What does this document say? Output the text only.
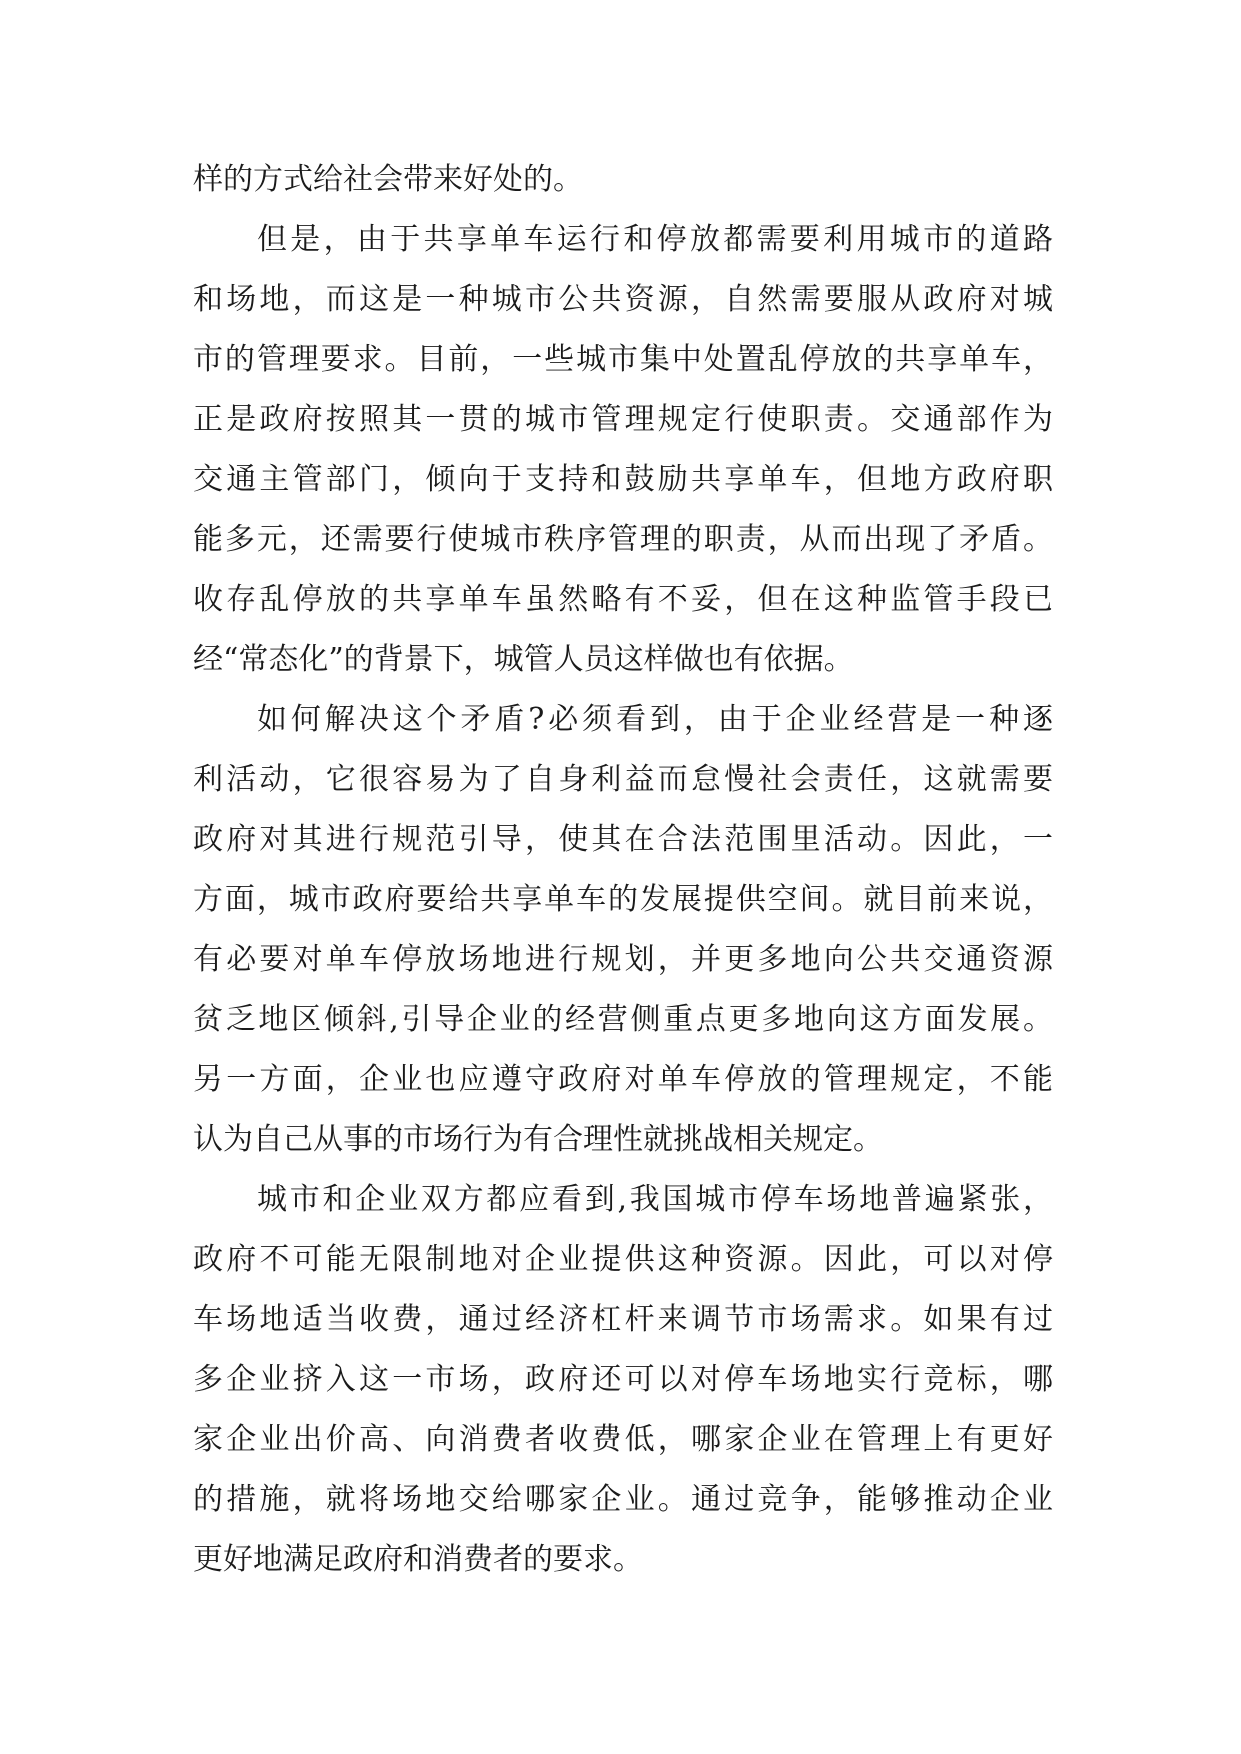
样的方式给社会带来好处的。
但是，由于共享单车运行和停放都需要利用城市的道路
和场地，而这是一种城市公共资源，自然需要服从政府对城
市的管理要求。目前，一些城市集中处置乱停放的共享单车，
正是政府按照其一贯的城市管理规定行使职责。交通部作为
交通主管部门，倾向于支持和鼓励共享单车，但地方政府职
能多元，还需要行使城市秩序管理的职责，从而出现了矛盾。
收存乱停放的共享单车虽然略有不妥，但在这种监管手段已
经“常态化”的背景下，城管人员这样做也有依据。
如何解决这个矛盾?必须看到，由于企业经营是一种逐
利活动，它很容易为了自身利益而怠慢社会责任，这就需要
政府对其进行规范引导，使其在合法范围里活动。因此，一
方面，城市政府要给共享单车的发展提供空间。就目前来说，
有必要对单车停放场地进行规划，并更多地向公共交通资源
贫乏地区倾斜,引导企业的经营侧重点更多地向这方面发展。
另一方面，企业也应遵守政府对单车停放的管理规定，不能
认为自己从事的市场行为有合理性就挑战相关规定。
城市和企业双方都应看到,我国城市停车场地普遍紧张，
政府不可能无限制地对企业提供这种资源。因此，可以对停
车场地适当收费，通过经济杠杆来调节市场需求。如果有过
多企业挤入这一市场，政府还可以对停车场地实行竞标，哪
家企业出价高、向消费者收费低，哪家企业在管理上有更好
的措施，就将场地交给哪家企业。通过竞争，能够推动企业
更好地满足政府和消费者的要求。
